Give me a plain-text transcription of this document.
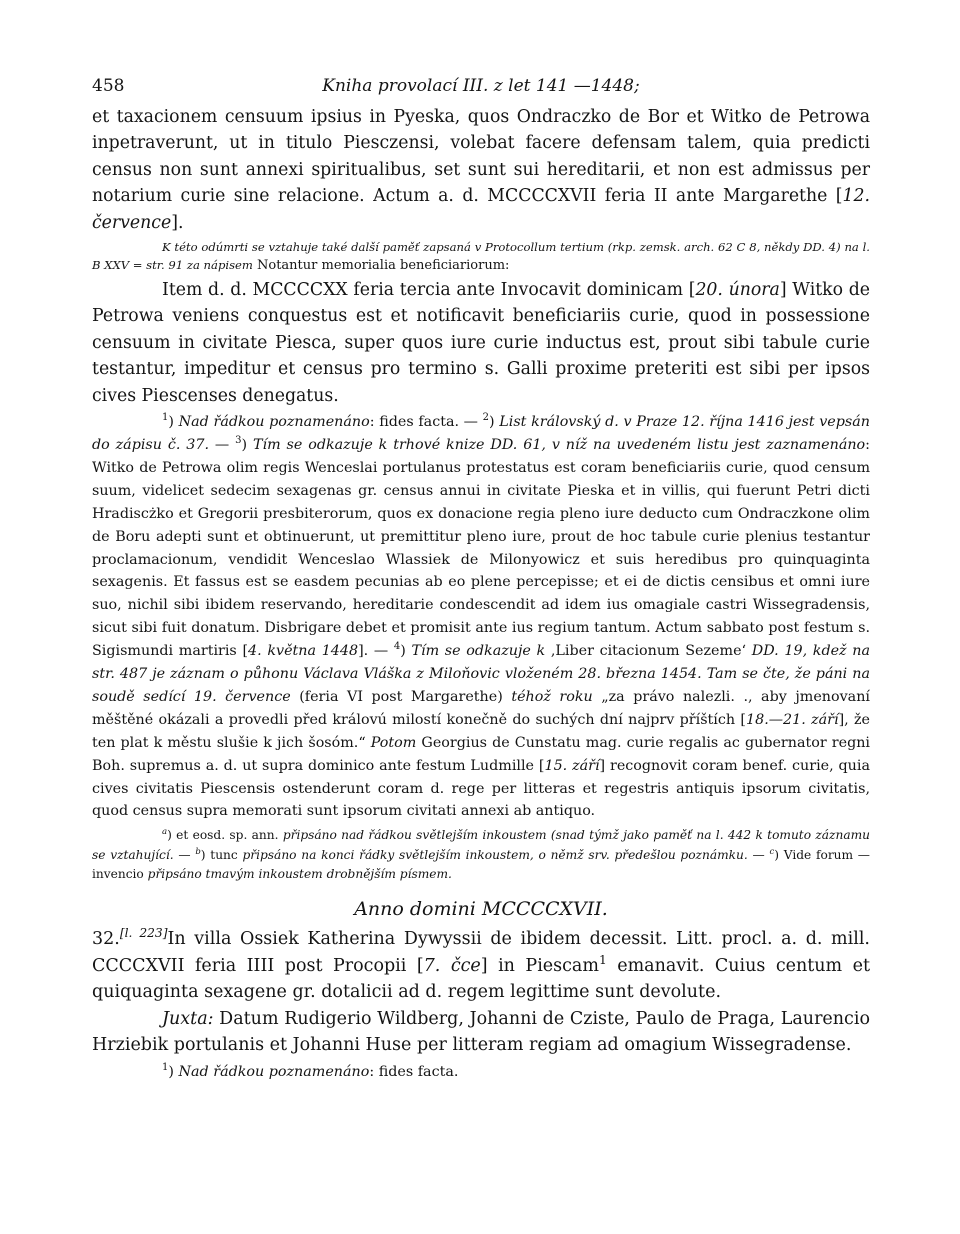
458	Kniha provolací III. z let 141 —1448;

et taxacionem censuum ipsius in Pyeska, quos Ondraczko de Bor et Witko de Petrowa inpetraverunt, ut in titulo Piesczensi, volebat facere defensam talem, quia predicti census non sunt annexi spiritualibus, set sunt sui hereditarii, et non est admissus per notarium curie sine relacione. Actum a. d. MCCCCXVII feria II ante Margarethe [12. července].

K této odúmrti se vztahuje také další paměť zapsaná v Protocollum tertium (rkp. zemsk. arch. 62 C 8, někdy DD. 4) na l. B XXV = str. 91 za nápisem Notantur memorialia beneficiariorum:

Item d. d. MCCCCXX feria tercia ante Invocavit dominicam [20. února] Witko de Petrowa veniens conquestus est et notificavit beneficiariis curie, quod in possessione censuum in civitate Piesca, super quos iure curie inductus est, prout sibi tabule curie testantur, impeditur et census pro termino s. Galli proxime preteriti est sibi per ipsos cives Piescenses denegatus.

$^1$) Nad řádkou poznamenáno: fides facta. — $^2$) List královský d. v Praze 12. října 1416 jest vepsán do zápisu č. 37. — $^3$) Tím se odkazuje k trhové knize DD. 61, v níž na uvedeném listu jest zaznamenáno: Witko de Petrowa olim regis Wenceslai portulanus protestatus est coram beneficiariis curie, quod censum suum, videlicet sedecim sexagenas gr. census annui in civitate Pieska et in villis, qui fuerunt Petri dicti Hradiscżko et Gregorii presbiterorum, quos ex donacione regia pleno iure deducto cum Ondraczkone olim de Boru adepti sunt et obtinuerunt, ut premittitur pleno iure, prout de hoc tabule curie plenius testantur proclamacionum, vendidit Wenceslao Wlassiek de Milonyowicz et suis heredibus pro quinquaginta sexagenis. Et fassus est se easdem pecunias ab eo plene percepisse; et ei de dictis censibus et omni iure suo, nichil sibi ibidem reservando, hereditarie condescendit ad idem ius omagiale castri Wissegradensis, sicut sibi fuit donatum. Disbrigare debet et promisit ante ius regium tantum. Actum sabbato post festum s. Sigismundi martiris [4. května 1448]. — $^4$) Tím se odkazuje k ,Liber citacionum Sezeme‘ DD. 19, kdež na str. 487 je záznam o půhonu Václava Vláška z Miloňovic vloženém 28. března 1454. Tam se čte, že páni na soudě sedící 19. července (feria VI post Margarethe) téhož roku „za právo nalezli. ., aby jmenovaní měštěné okázali a provedli před královú milostí konečně do suchých dní najprv příštích [18.—21. září], že ten plat k městu slušie k jich šosóm.“ Potom Georgius de Cunstatu mag. curie regalis ac gubernator regni Boh. supremus a. d. ut supra dominico ante festum Ludmille [15. září] recognovit coram benef. curie, quia cives civitatis Piescensis ostenderunt coram d. rege per litteras et regestris antiquis ipsorum civitatis, quod census supra memorati sunt ipsorum civitati annexi ab antiquo.

$^a$) et eosd. sp. ann. připsáno nad řádkou světlejším inkoustem (snad týmž jako paměť na l. 442 k tomuto záznamu se vztahující. — $^b$) tunc připsáno na konci řádky světlejším inkoustem, o němž srv. předešlou poznámku. — $^c$) Vide forum — invencio připsáno tmavým inkoustem drobnějším písmem.

Anno domini MCCCCXVII.

32.[l. 223]In villa Ossiek Katherina Dywyssii de ibidem decessit. Litt. procl. a. d. mill. CCCCXVII feria IIII post Procopii [7. čce] in Piescam$^1$ emanavit. Cuius centum et quiquaginta sexagene gr. dotalicii ad d. regem legittime sunt devolute.

Juxta: Datum Rudigerio Wildberg, Johanni de Cziste, Paulo de Praga, Laurencio Hrziebik portulanis et Johanni Huse per litteram regiam ad omagium Wissegradense.

$^1$) Nad řádkou poznamenáno: fides facta.
